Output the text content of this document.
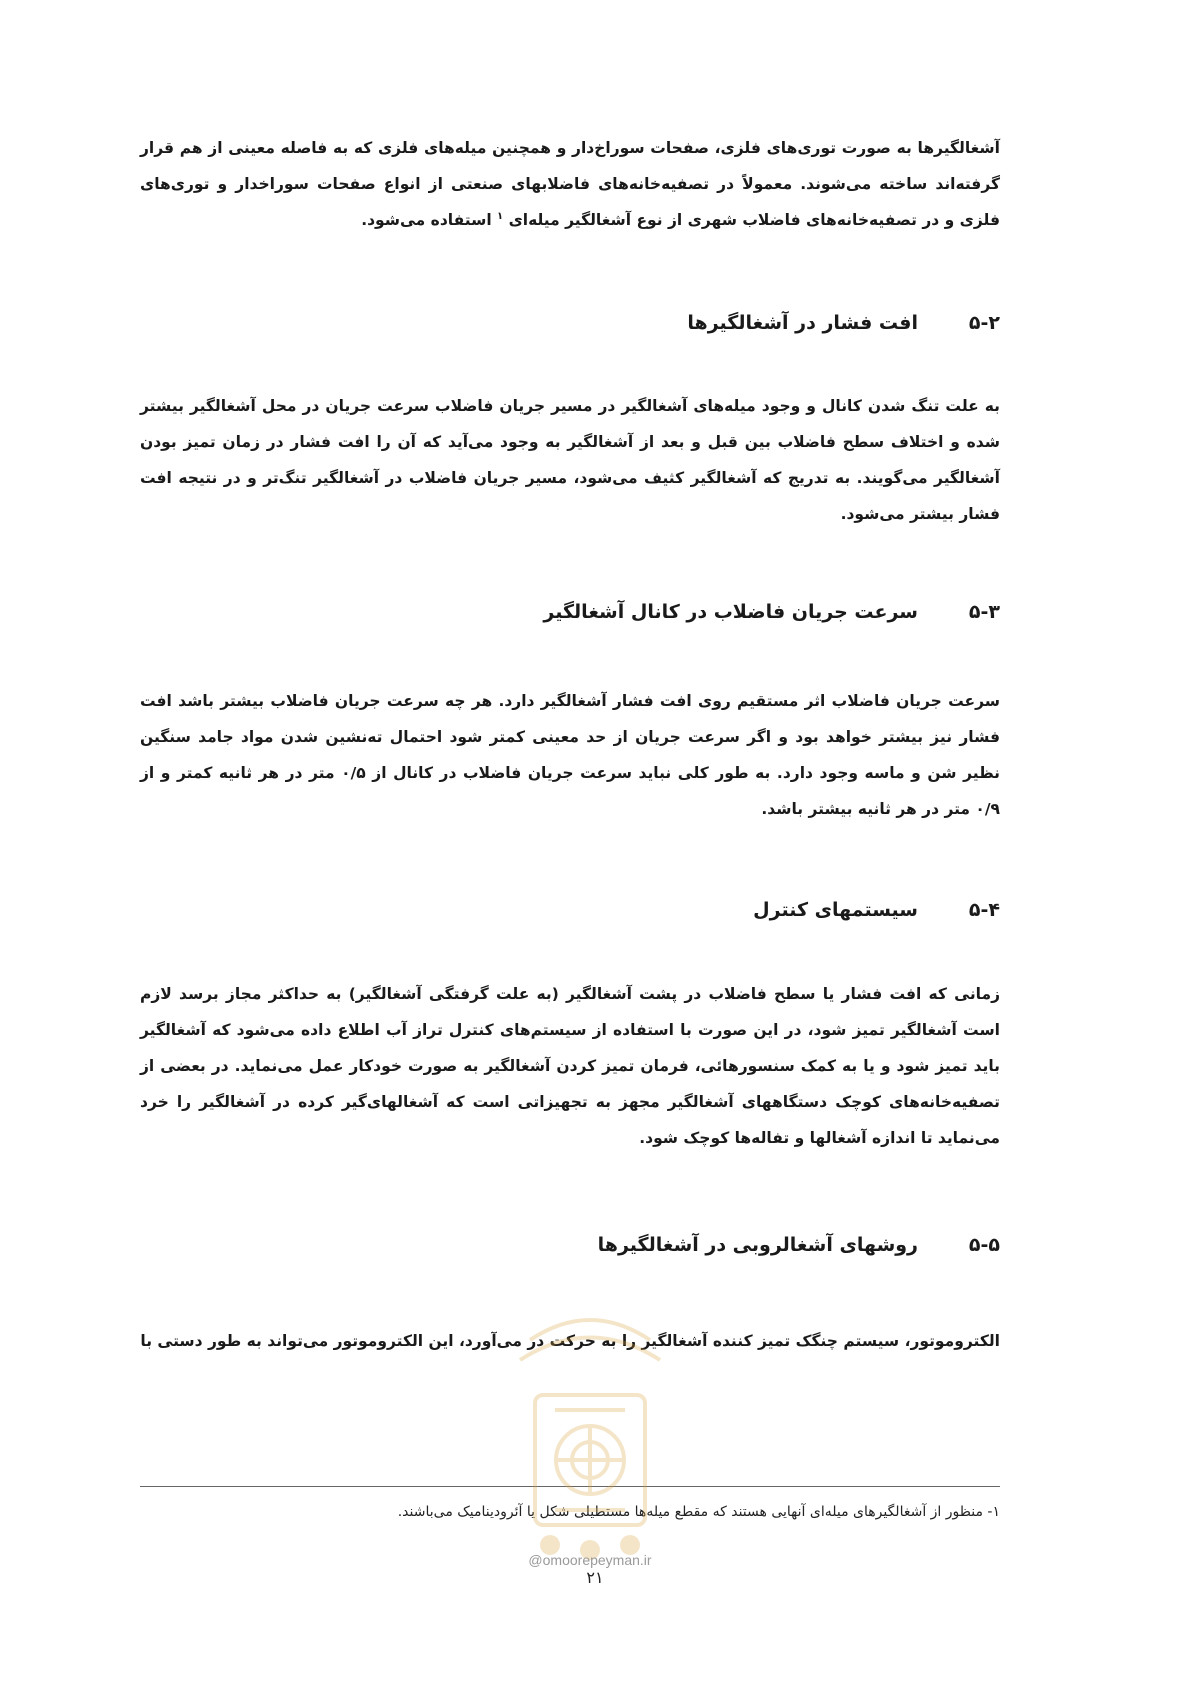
آشغالگیرها به صورت توری‌های فلزی، صفحات سوراخ‌دار و همچنین میله‌های فلزی که به فاصله معینی از هم قرار گرفته‌اند ساخته می‌شوند. معمولاً در تصفیه‌خانه‌های فاضلابهای صنعتی از انواع صفحات سوراخدار و توری‌های فلزی و در تصفیه‌خانه‌های فاضلاب شهری از نوع آشغالگیر میله‌ای $^۱$ استفاده می‌شود.
۵-۲افت فشار در آشغالگیرها
به علت تنگ شدن کانال و وجود میله‌های آشغالگیر در مسیر جریان فاضلاب سرعت جریان در محل آشغالگیر بیشتر شده و اختلاف سطح فاضلاب بین قبل و بعد از آشغالگیر به وجود می‌آید که آن را افت فشار در زمان تمیز بودن آشغالگیر می‌گویند. به تدریج که آشغالگیر کثیف می‌شود، مسیر جریان فاضلاب در آشغالگیر تنگ‌تر و در نتیجه افت فشار بیشتر می‌شود.
۵-۳سرعت جریان فاضلاب در کانال آشغالگیر
سرعت جریان فاضلاب اثر مستقیم روی افت فشار آشغالگیر دارد. هر چه سرعت جریان فاضلاب بیشتر باشد افت فشار نیز بیشتر خواهد بود و اگر سرعت جریان از حد معینی کمتر شود احتمال ته‌نشین شدن مواد جامد سنگین نظیر شن و ماسه وجود دارد. به طور کلی نباید سرعت جریان فاضلاب در کانال از ۰/۵ متر در هر ثانیه کمتر و از ۰/۹ متر در هر ثانیه بیشتر باشد.
۵-۴سیستمهای کنترل
زمانی که افت فشار یا سطح فاضلاب در پشت آشغالگیر (به علت گرفتگی آشغالگیر) به حداکثر مجاز برسد لازم است آشغالگیر تمیز شود، در این صورت با استفاده از سیستم‌های کنترل تراز آب اطلاع داده می‌شود که آشغالگیر باید تمیز شود و یا به کمک سنسورهائی، فرمان تمیز کردن آشغالگیر به صورت خودکار عمل می‌نماید. در بعضی از تصفیه‌خانه‌های کوچک دستگاههای آشغالگیر مجهز به تجهیزاتی است که آشغالهای‌گیر کرده در آشغالگیر را خرد می‌نماید تا اندازه آشغالها و تفاله‌ها کوچک شود.
۵-۵روشهای آشغالروبی در آشغالگیرها
الکتروموتور، سیستم چنگک تمیز کننده آشغالگیر را به حرکت در می‌آورد، این الکتروموتور می‌تواند به طور دستی با
۱- منظور از آشغالگیرهای میله‌ای آنهایی هستند که مقطع میله‌ها مستطیلی شکل یا آئرودینامیک می‌باشند.
@omoorepeyman.ir
۲۱
